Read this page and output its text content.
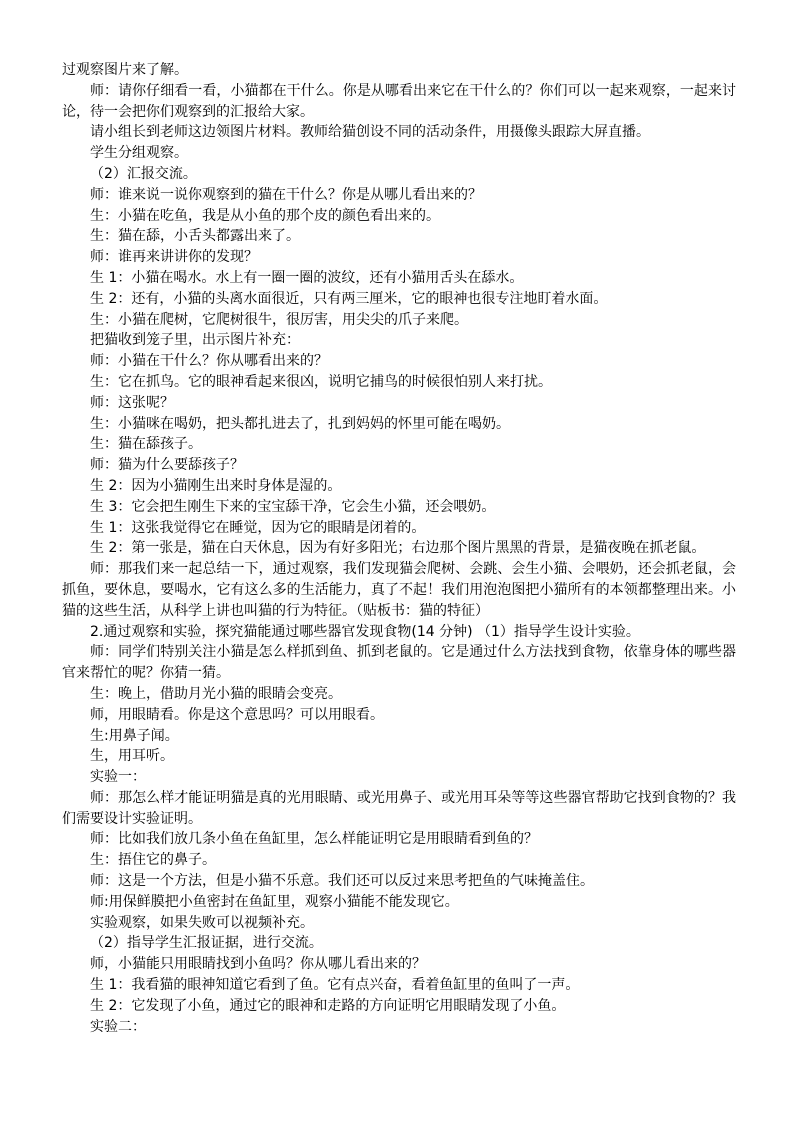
过观察图片来了解。

师：请你仔细看一看，小猫都在干什么。你是从哪看出来它在干什么的？你们可以一起来观察，一起来讨论，待一会把你们观察到的汇报给大家。

请小组长到老师这边领图片材料。教师给猫创设不同的活动条件，用摄像头跟踪大屏直播。

学生分组观察。

（2）汇报交流。

师：谁来说一说你观察到的猫在干什么？你是从哪儿看出来的？

生：小猫在吃鱼，我是从小鱼的那个皮的颜色看出来的。

生：猫在舔，小舌头都露出来了。

师：谁再来讲讲你的发现？

生 1：小猫在喝水。水上有一圈一圈的波纹，还有小猫用舌头在舔水。

生 2：还有，小猫的头离水面很近，只有两三厘米，它的眼神也很专注地盯着水面。

生：小猫在爬树，它爬树很牛，很厉害，用尖尖的爪子来爬。

把猫收到笼子里，出示图片补充：

师：小猫在干什么？你从哪看出来的？

生：它在抓鸟。它的眼神看起来很凶，说明它捕鸟的时候很怕别人来打扰。

师：这张呢？

生：小猫咪在喝奶，把头都扎进去了，扎到妈妈的怀里可能在喝奶。

生：猫在舔孩子。

师：猫为什么要舔孩子？

生 2：因为小猫刚生出来时身体是湿的。

生 3：它会把生刚生下来的宝宝舔干净，它会生小猫，还会喂奶。

生 1：这张我觉得它在睡觉，因为它的眼睛是闭着的。

生 2：第一张是，猫在白天休息，因为有好多阳光；右边那个图片黑黑的背景，是猫夜晚在抓老鼠。

师：那我们来一起总结一下，通过观察，我们发现猫会爬树、会跳、会生小猫、会喂奶，还会抓老鼠，会抓鱼，要休息，要喝水，它有这么多的生活能力，真了不起！我们用泡泡图把小猫所有的本领都整理出来。小猫的这些生活，从科学上讲也叫猫的行为特征。（贴板书：猫的特征）

2.通过观察和实验，探究猫能通过哪些器官发现食物(14 分钟) （1）指导学生设计实验。

师：同学们特别关注小猫是怎么样抓到鱼、抓到老鼠的。它是通过什么方法找到食物，依靠身体的哪些器官来帮忙的呢？你猜一猜。

生：晚上，借助月光小猫的眼睛会变亮。

师，用眼睛看。你是这个意思吗？可以用眼看。

生:用鼻子闻。

生，用耳听。

实验一：

师：那怎么样才能证明猫是真的光用眼睛、或光用鼻子、或光用耳朵等等这些器官帮助它找到食物的？我们需要设计实验证明。

师：比如我们放几条小鱼在鱼缸里，怎么样能证明它是用眼睛看到鱼的？

生：捂住它的鼻子。

师：这是一个方法，但是小猫不乐意。我们还可以反过来思考把鱼的气味掩盖住。

师:用保鲜膜把小鱼密封在鱼缸里，观察小猫能不能发现它。

实验观察，如果失败可以视频补充。

（2）指导学生汇报证据，进行交流。

师，小猫能只用眼睛找到小鱼吗？你从哪儿看出来的？

生 1：我看猫的眼神知道它看到了鱼。它有点兴奋，看着鱼缸里的鱼叫了一声。

生 2：它发现了小鱼，通过它的眼神和走路的方向证明它用眼睛发现了小鱼。

实验二：
